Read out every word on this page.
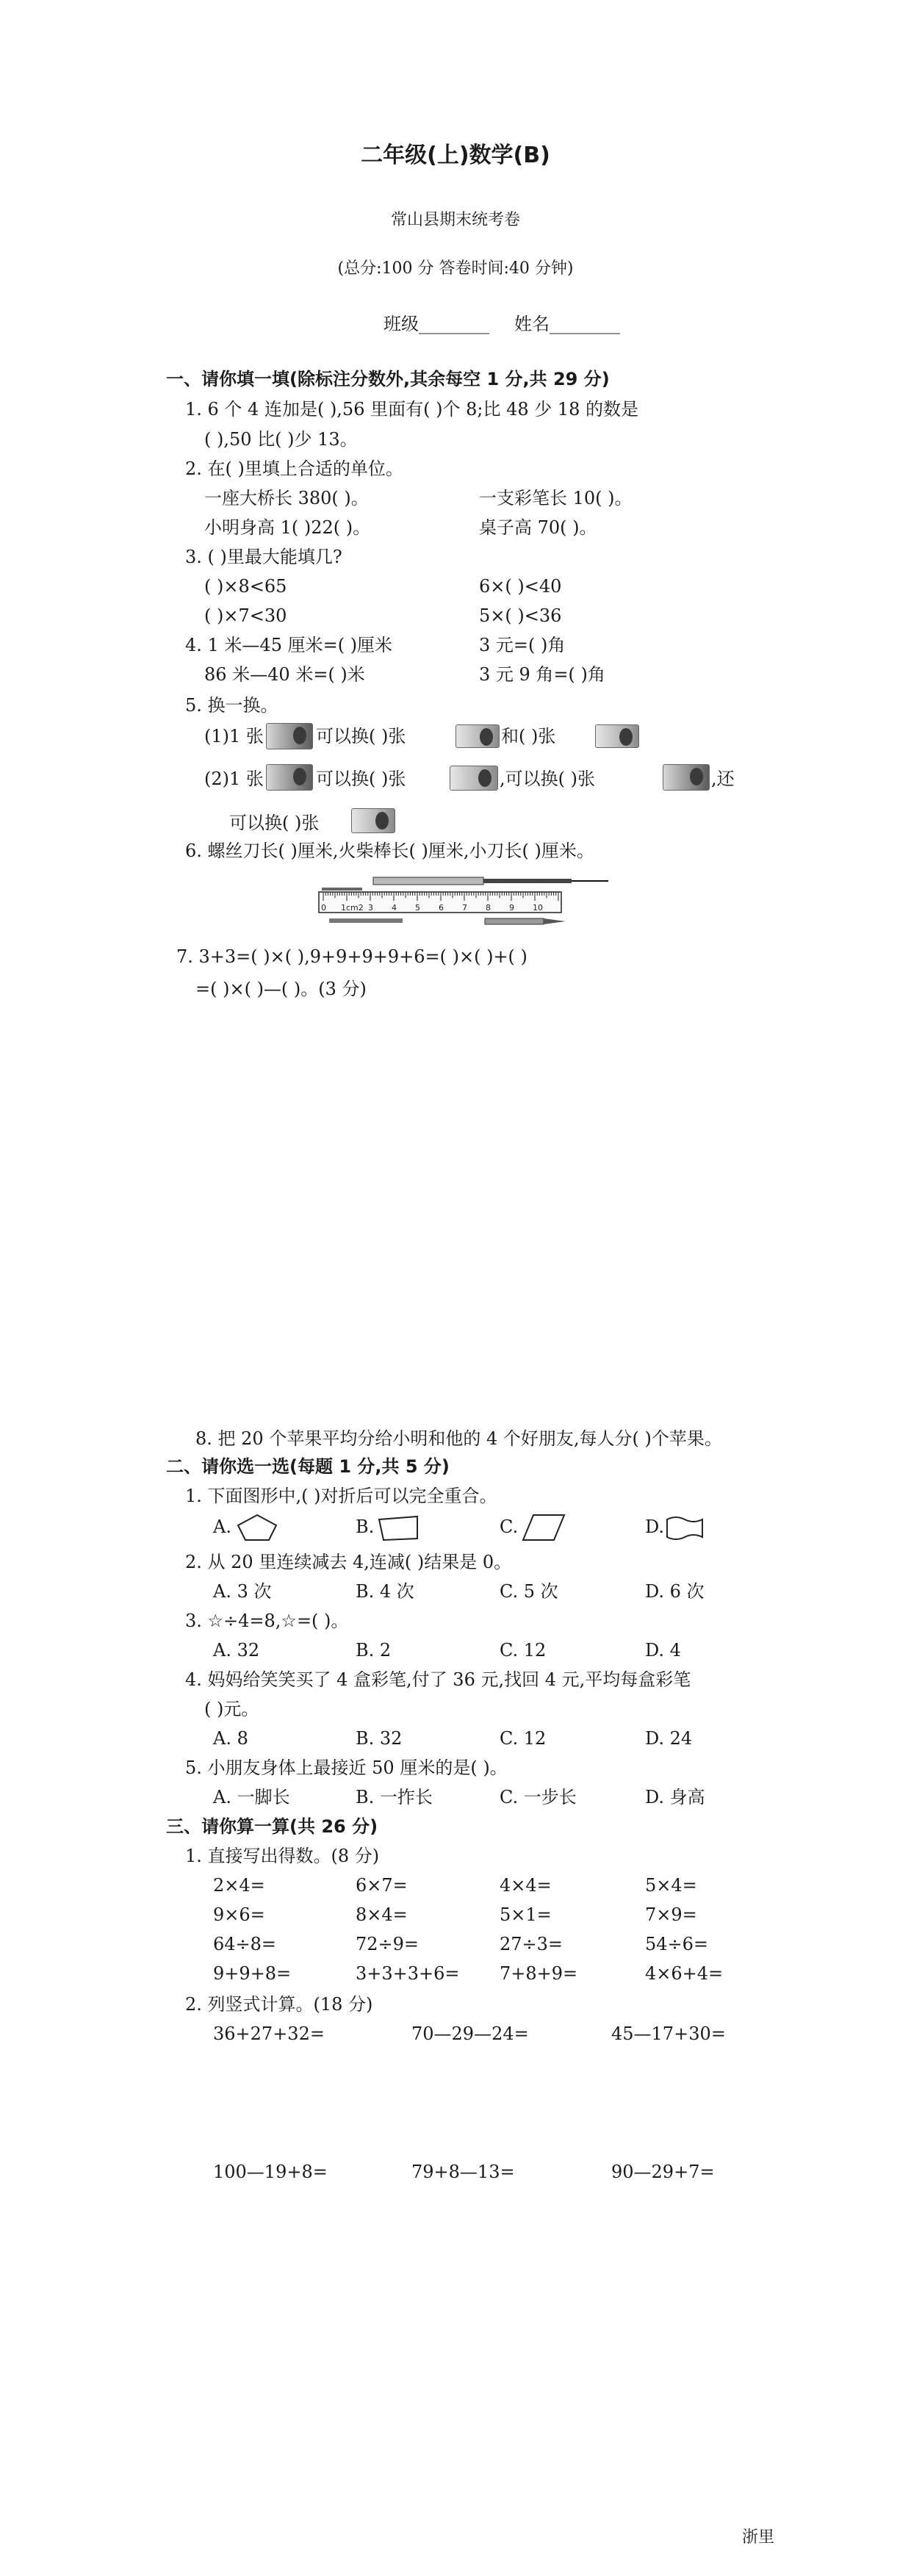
二年级(上)数学(B)
常山县期末统考卷
(总分:100 分 答卷时间:40 分钟)
班级________ 姓名________
一、请你填一填(除标注分数外,其余每空 1 分,共 29 分)
1. 6 个 4 连加是( ),56 里面有( )个 8;比 48 少 18 的数是
( ),50 比( )少 13。
2. 在( )里填上合适的单位。
一座大桥长 380( )。	一支彩笔长 10( )。
小明身高 1( )22( )。	桌子高 70( )。
3. ( )里最大能填几?
( )×8<65	6×( )<40
( )×7<30	5×( )<36
4. 1 米—45 厘米=( )厘米	3 元=( )角
86 米—40 米=( )米	3 元 9 角=( )角
5. 换一换。
(1)1 张	可以换( )张	和( )张
(2)1 张	可以换( )张	,可以换( )张	,还
可以换( )张
6. 螺丝刀长( )厘米,火柴棒长( )厘米,小刀长( )厘米。
0 1cm2 3 4 5 6 7 8 9 10
7. 3+3=( )×( ),9+9+9+9+6=( )×( )+( )
=( )×( )—( )。(3 分)
8. 把 20 个苹果平均分给小明和他的 4 个好朋友,每人分( )个苹果。
二、请你选一选(每题 1 分,共 5 分)
1. 下面图形中,( )对折后可以完全重合。
A.	B.	C.	D.
2. 从 20 里连续减去 4,连减( )结果是 0。
A. 3 次	B. 4 次	C. 5 次	D. 6 次
3. ☆÷4=8,☆=( )。
A. 32	B. 2	C. 12	D. 4
4. 妈妈给笑笑买了 4 盒彩笔,付了 36 元,找回 4 元,平均每盒彩笔
( )元。
A. 8	B. 32	C. 12	D. 24
5. 小朋友身体上最接近 50 厘米的是( )。
A. 一脚长	B. 一拃长	C. 一步长	D. 身高
三、请你算一算(共 26 分)
1. 直接写出得数。(8 分)
2×4=	6×7=	4×4=	5×4=
9×6=	8×4=	5×1=	7×9=
64÷8=	72÷9=	27÷3=	54÷6=
9+9+8=	3+3+3+6= 7+8+9=	4×6+4=
2. 列竖式计算。(18 分)
36+27+32=	70—29—24=	45—17+30=
100—19+8=	79+8—13=	90—29+7=
浙里
